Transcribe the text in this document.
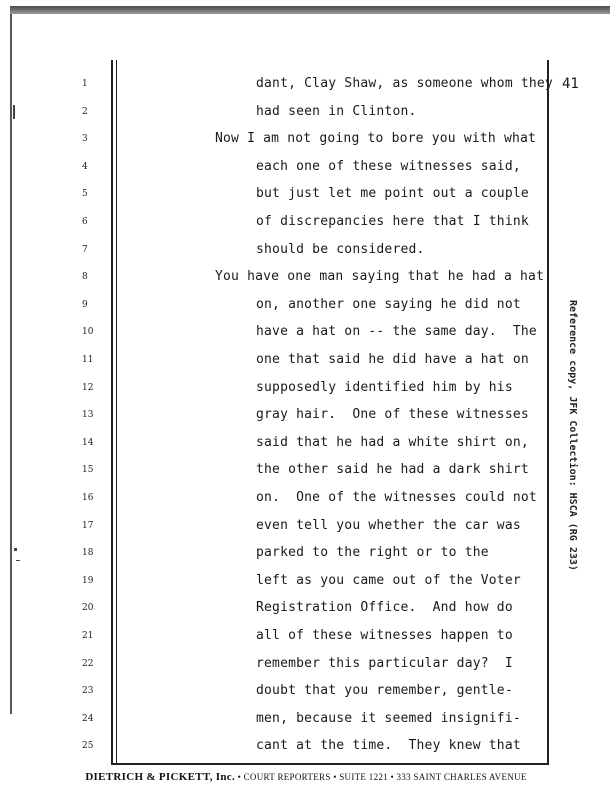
41
1	dant, Clay Shaw, as someone whom they
2	had seen in Clinton.
3	Now I am not going to bore you with what
4	each one of these witnesses said,
5	but just let me point out a couple
6	of discrepancies here that I think
7	should be considered.
8	You have one man saying that he had a hat
9	on, another one saying he did not
10	have a hat on -- the same day.  The
11	one that said he did have a hat on
12	supposedly identified him by his
13	gray hair.  One of these witnesses
14	said that he had a white shirt on,
15	the other said he had a dark shirt
16	on.  One of the witnesses could not
17	even tell you whether the car was
18	parked to the right or to the
19	left as you came out of the Voter
20	Registration Office.  And how do
21	all of these witnesses happen to
22	remember this particular day?  I
23	doubt that you remember, gentle-
24	men, because it seemed insignifi-
25	cant at the time.  They knew that
Reference copy, JFK Collection: HSCA (RG 233)
DIETRICH & PICKETT, Inc. • COURT REPORTERS • SUITE 1221 • 333 SAINT CHARLES AVENUE
